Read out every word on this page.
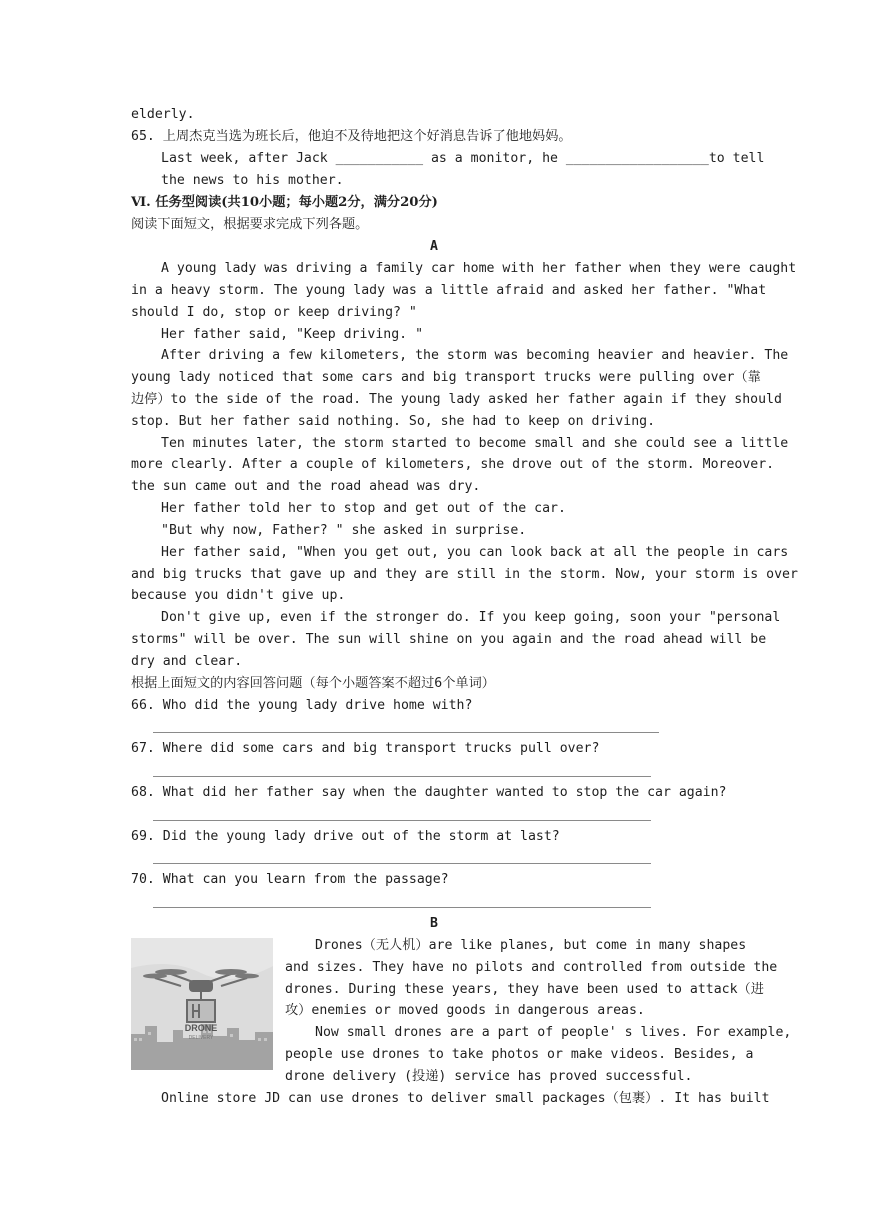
elderly.
65. 上周杰克当选为班长后，他迫不及待地把这个好消息告诉了他地妈妈。
Last week, after Jack ___________ as a monitor, he __________________to tell
the news to his mother.
Ⅵ. 任务型阅读(共10小题；每小题2分，满分20分)
阅读下面短文，根据要求完成下列各题。
A
A young lady was driving a family car home with her father when they were caught
in a heavy storm. The young lady was a little afraid and asked her father. "What
should I do, stop or keep driving? "
Her father said, "Keep driving. "
After driving a few kilometers, the storm was becoming heavier and heavier. The
young lady noticed that some cars and big transport trucks were pulling over（靠
边停）to the side of the road. The young lady asked her father again if they should
stop. But her father said nothing. So, she had to keep on driving.
Ten minutes later, the storm started to become small and she could see a little
more clearly. After a couple of kilometers, she drove out of the storm. Moreover.
the sun came out and the road ahead was dry.
Her father told her to stop and get out of the car.
"But why now, Father? " she asked in surprise.
Her father said, "When you get out, you can look back at all the people in cars
and big trucks that gave up and they are still in the storm. Now, your storm is over
because you didn't give up.
Don't give up, even if the stronger do. If you keep going, soon your "personal
storms" will be over. The sun will shine on you again and the road ahead will be
dry and clear.
根据上面短文的内容回答问题（每个小题答案不超过6个单词）
66. Who did the young lady drive home with?
67. Where did some cars and big transport trucks pull over?
68. What did her father say when the daughter wanted to stop the car again?
69. Did the young lady drive out of the storm at last?
70. What can you learn from the passage?
B
DRONE
DELIVERY
Drones（无人机）are like planes, but come in many shapes
and sizes. They have no pilots and controlled from outside the
drones. During these years, they have been used to attack（进
攻）enemies or moved goods in dangerous areas.
Now small drones are a part of people' s lives. For example,
people use drones to take photos or make videos. Besides, a
drone delivery (投递) service has proved successful.
Online store JD can use drones to deliver small packages（包裹）. It has built
